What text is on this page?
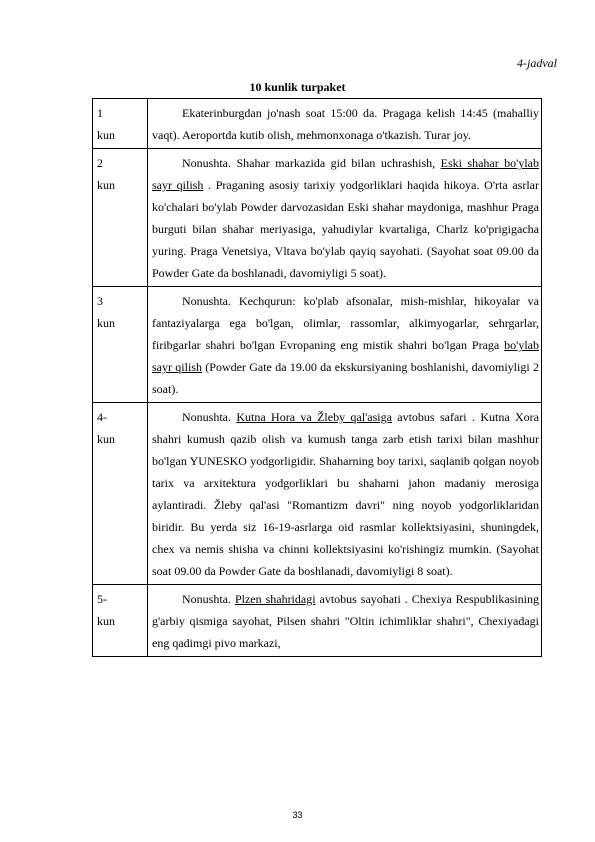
4-jadval
10 kunlik turpaket
1
kun	Ekaterinburgdan jo'nash soat 15:00 da. Pragaga kelish 14:45 (mahalliy vaqt). Aeroportda kutib olish, mehmonxonaga o'tkazish. Turar joy.

2
kun	Nonushta. Shahar markazida gid bilan uchrashish, Eski shahar bo'ylab sayr qilish . Praganing asosiy tarixiy yodgorliklari haqida hikoya. O'rta asrlar ko'chalari bo'ylab Powder darvozasidan Eski shahar maydoniga, mashhur Praga burguti bilan shahar meriyasiga, yahudiylar kvartaliga, Charlz ko'prigigacha yuring. Praga Venetsiya, Vltava bo'ylab qayiq sayohati. (Sayohat soat 09.00 da Powder Gate da boshlanadi, davomiyligi 5 soat).

3
kun	Nonushta. Kechqurun: ko'plab afsonalar, mish-mishlar, hikoyalar va fantaziyalarga ega bo'lgan, olimlar, rassomlar, alkimyogarlar, sehrgarlar, firibgarlar shahri bo'lgan Evropaning eng mistik shahri bo'lgan Praga bo'ylab sayr qilish (Powder Gate da 19.00 da ekskursiyaning boshlanishi, davomiyligi 2 soat).

4-
kun	Nonushta. Kutna Hora va Žleby qal'asiga avtobus safari . Kutna Xora shahri kumush qazib olish va kumush tanga zarb etish tarixi bilan mashhur bo'lgan YUNESKO yodgorligidir. Shaharning boy tarixi, saqlanib qolgan noyob tarix va arxitektura yodgorliklari bu shaharni jahon madaniy merosiga aylantiradi. Žleby qal'asi "Romantizm davri" ning noyob yodgorliklaridan biridir. Bu yerda siz 16-19-asrlarga oid rasmlar kollektsiyasini, shuningdek, chex va nemis shisha va chinni kollektsiyasini ko'rishingiz mumkin. (Sayohat soat 09.00 da Powder Gate da boshlanadi, davomiyligi 8 soat).

5-
kun	Nonushta. Plzen shahridagi avtobus sayohati . Chexiya Respublikasining g'arbiy qismiga sayohat, Pilsen shahri "Oltin ichimliklar shahri", Chexiyadagi eng qadimgi pivo markazi,

33
